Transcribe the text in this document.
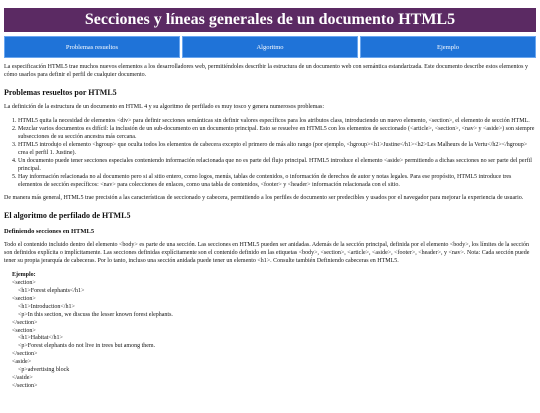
Secciones y líneas generales de un documento HTML5
Problemas resueltos	Algoritmo	Ejemplo

La especificación HTML5 trae muchos nuevos elementos a los desarrolladores web, permitiéndoles describir la estructura de un documento web con semántica estandarizada. Este documento describe estos elementos y cómo usarlos para definir el perfil de cualquier documento.

Problemas resueltos por HTML5

La definición de la estructura de un documento en HTML 4 y su algoritmo de perfilado es muy tosco y genera numerosos problemas:

1. HTML5 quita la necesidad de elementos <div> para definir secciones semánticas sin definir valores específicos para los atributos class, introduciendo un nuevo elemento, <section>, el elemento de sección HTML.
2. Mezclar varios documentos es difícil: la inclusión de un sub-documento en un documento principal. Esto se resuelve en HTML5 con los elementos de seccionado (<article>, <section>, <nav> y <aside>) son siempre subsecciones de su sección ancestra más cercana.
3. HTML5 introdujo el elemento <hgroup> que oculta todos los elementos de cabecera excepto el primero de más alto rango (por ejemplo, <hgroup><h1>Justine</h1><h2>Les Malheurs de la Vertu</h2></hgroup> crea el perfil 1. Justine).
4. Un documento puede tener secciones especiales conteniendo información relacionada que no es parte del flujo principal. HTML5 introduce el elemento <aside> permitiendo a dichas secciones no ser parte del perfil principal.
5. Hay información relacionada no al documento pero si al sitio entero, como logos, menús, tablas de contenidos, o información de derechos de autor y notas legales. Para ese propósito, HTML5 introduce tres elementos de sección específicos: <nav> para colecciones de enlaces, como una tabla de contenidos, <footer> y <header> información relacionada con el sitio.

De manera más general, HTML5 trae precisión a las características de seccionado y cabecera, permitiendo a los perfiles de documento ser predecibles y usados por el navegador para mejorar la experiencia de usuario.

El algoritmo de perfilado de HTML5
Definiendo secciones en HTML5

Todo el contenido incluido dentro del elemento <body> es parte de una sección. Las secciones en HTML5 pueden ser anidadas. Además de la sección principal, definida por el elemento <body>, los límites de la sección son definidos explícita o implícitamente. Las secciones definidas explícitamente son el contenido definido en las etiquetas <body>, <section>, <article>, <aside>, <footer>, <header>, y <nav>. Nota: Cada sección puede tener su propia jerarquía de cabeceras. Por lo tanto, incluso una sección anidada puede tener un elemento <h1>. Consulte también Definiendo cabeceras en HTML5.

Ejemplo:
<section>
<h1>Forest elephants</h1>
<section>
<h1>Introduction</h1>
<p>In this section, we discuss the lesser known forest elephants.
</section>
<section>
<h1>Habitat</h1>
<p>Forest elephants do not live in trees but among them.
</section>
<aside>
<p>advertising block
</aside>
</section>
